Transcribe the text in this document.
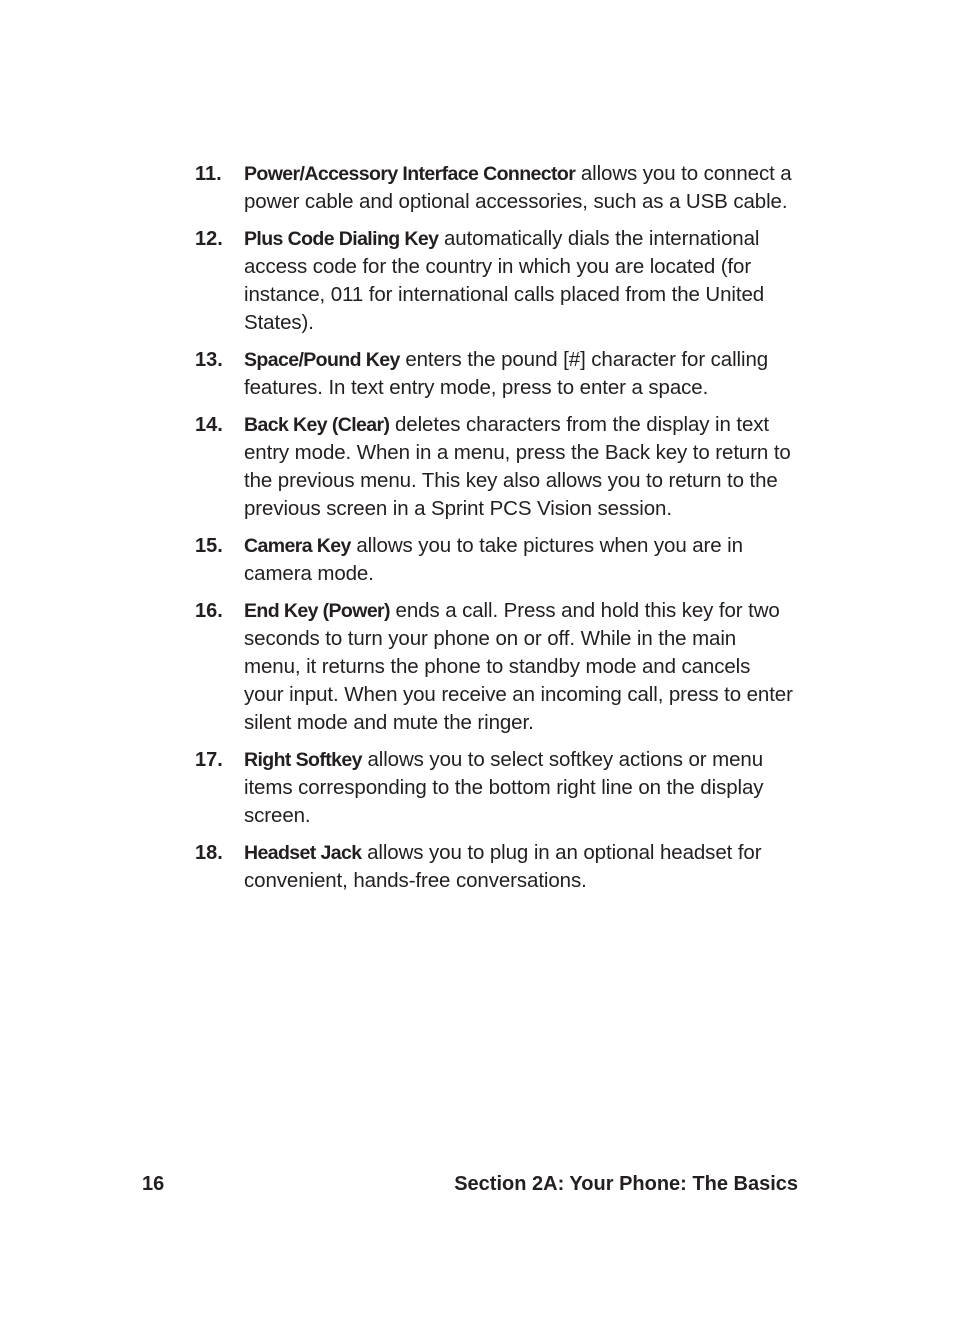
11.	Power/Accessory Interface Connector allows you to connect a power cable and optional accessories, such as a USB cable.
12.	Plus Code Dialing Key automatically dials the international access code for the country in which you are located (for instance, 011 for international calls placed from the United States).
13.	Space/Pound Key enters the pound [#] character for calling features. In text entry mode, press to enter a space.
14.	Back Key (Clear) deletes characters from the display in text entry mode. When in a menu, press the Back key to return to the previous menu. This key also allows you to return to the previous screen in a Sprint PCS Vision session.
15.	Camera Key allows you to take pictures when you are in camera mode.
16.	End Key (Power) ends a call. Press and hold this key for two seconds to turn your phone on or off. While in the main menu, it returns the phone to standby mode and cancels your input. When you receive an incoming call, press to enter silent mode and mute the ringer.
17.	Right Softkey allows you to select softkey actions or menu items corresponding to the bottom right line on the display screen.
18.	Headset Jack allows you to plug in an optional headset for convenient, hands-free conversations.
16	Section 2A: Your Phone: The Basics
